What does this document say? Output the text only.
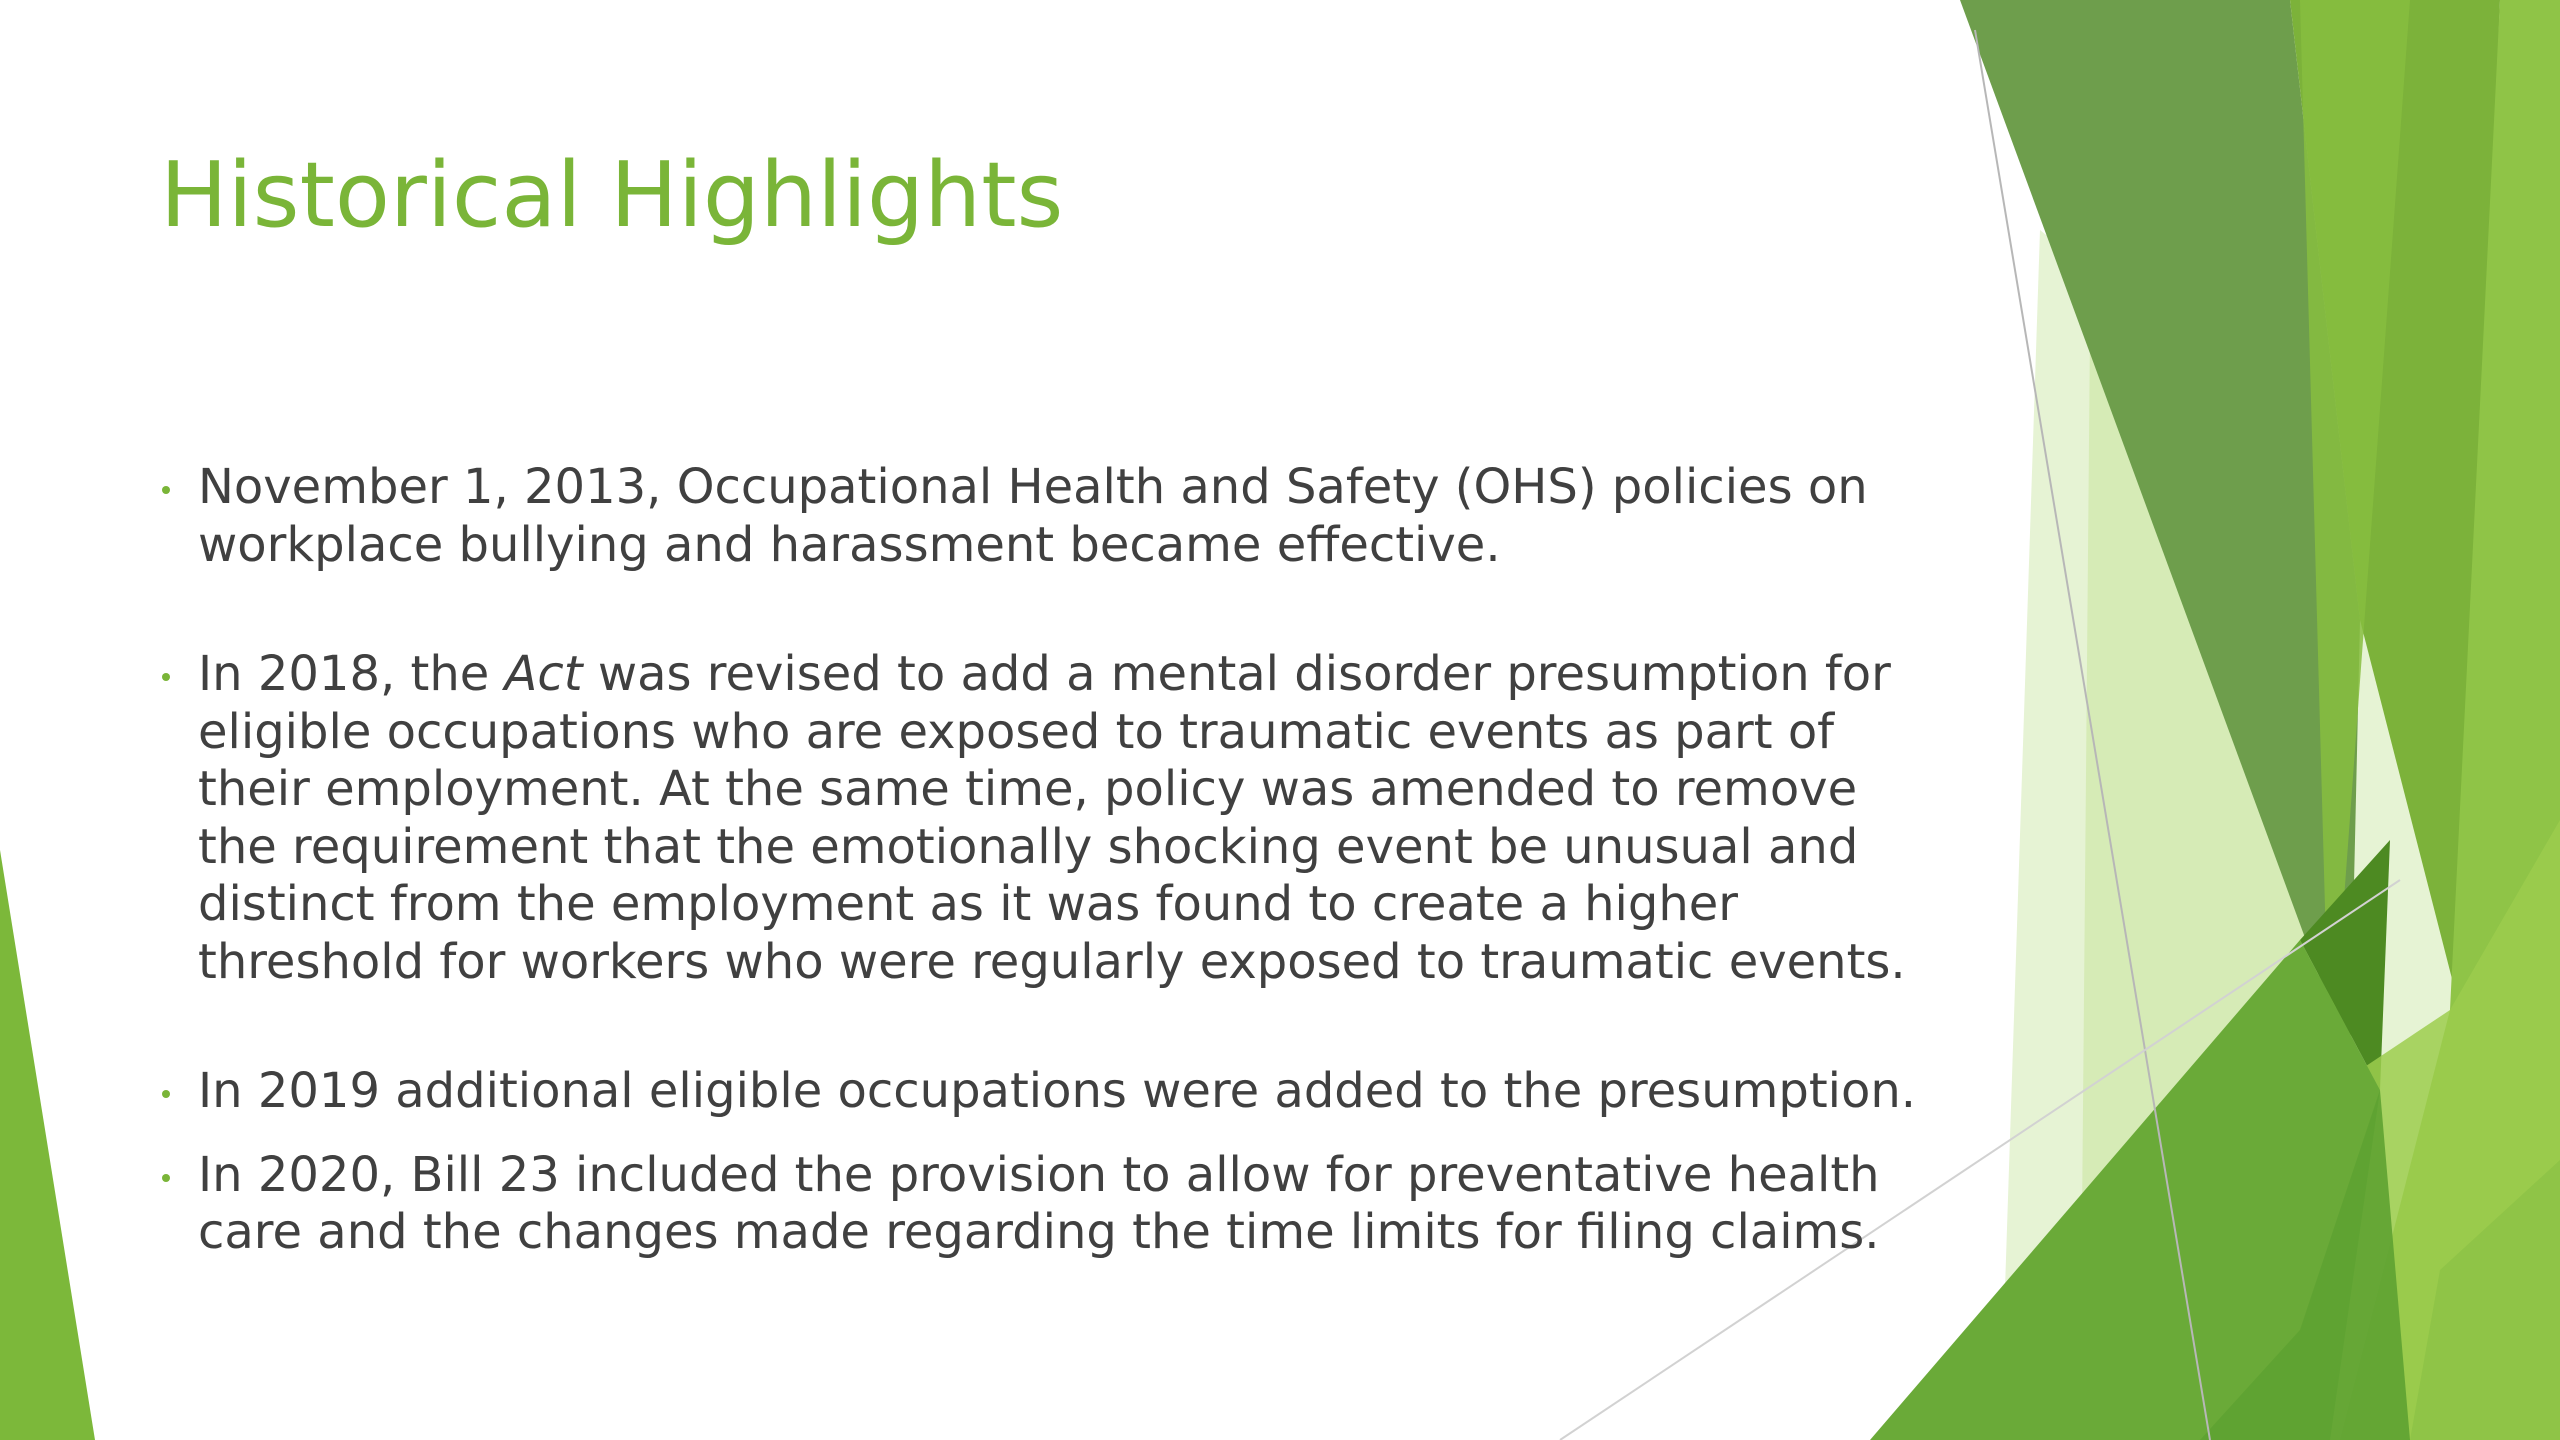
Historical Highlights
November 1, 2013, Occupational Health and Safety (OHS) policies on workplace bullying and harassment became effective.
In 2018, the Act was revised to add a mental disorder presumption for eligible occupations who are exposed to traumatic events as part of their employment. At the same time, policy was amended to remove the requirement that the emotionally shocking event be unusual and distinct from the employment as it was found to create a higher threshold for workers who were regularly exposed to traumatic events.
In 2019 additional eligible occupations were added to the presumption.
In 2020, Bill 23 included the provision to allow for preventative health care and the changes made regarding the time limits for filing claims.
